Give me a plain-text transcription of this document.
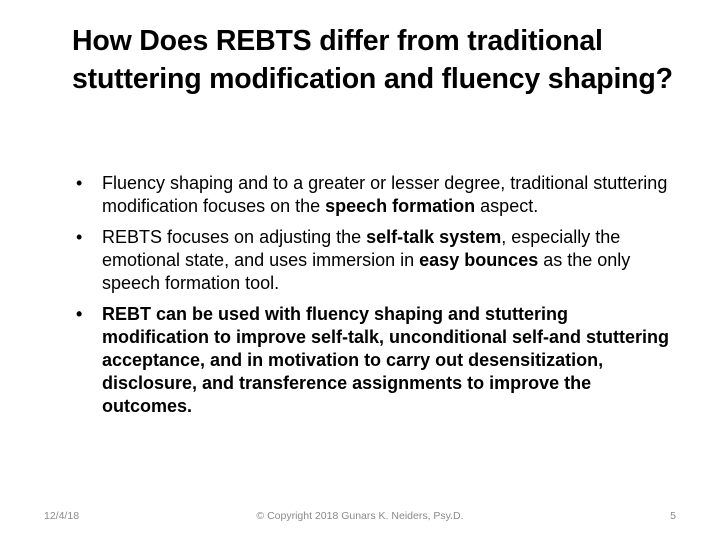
How Does REBTS differ from traditional stuttering modification and fluency shaping?
• Fluency shaping and to a greater or lesser degree, traditional stuttering modification focuses on the speech formation aspect.
• REBTS focuses on adjusting the self-talk system, especially the emotional state, and uses immersion in easy bounces as the only speech formation tool.
• REBT can be used with fluency shaping and stuttering modification to improve self-talk, unconditional self-and stuttering acceptance, and in motivation to carry out desensitization, disclosure, and transference assignments to improve the outcomes.
12/4/18	© Copyright 2018 Gunars K. Neiders, Psy.D.	5
